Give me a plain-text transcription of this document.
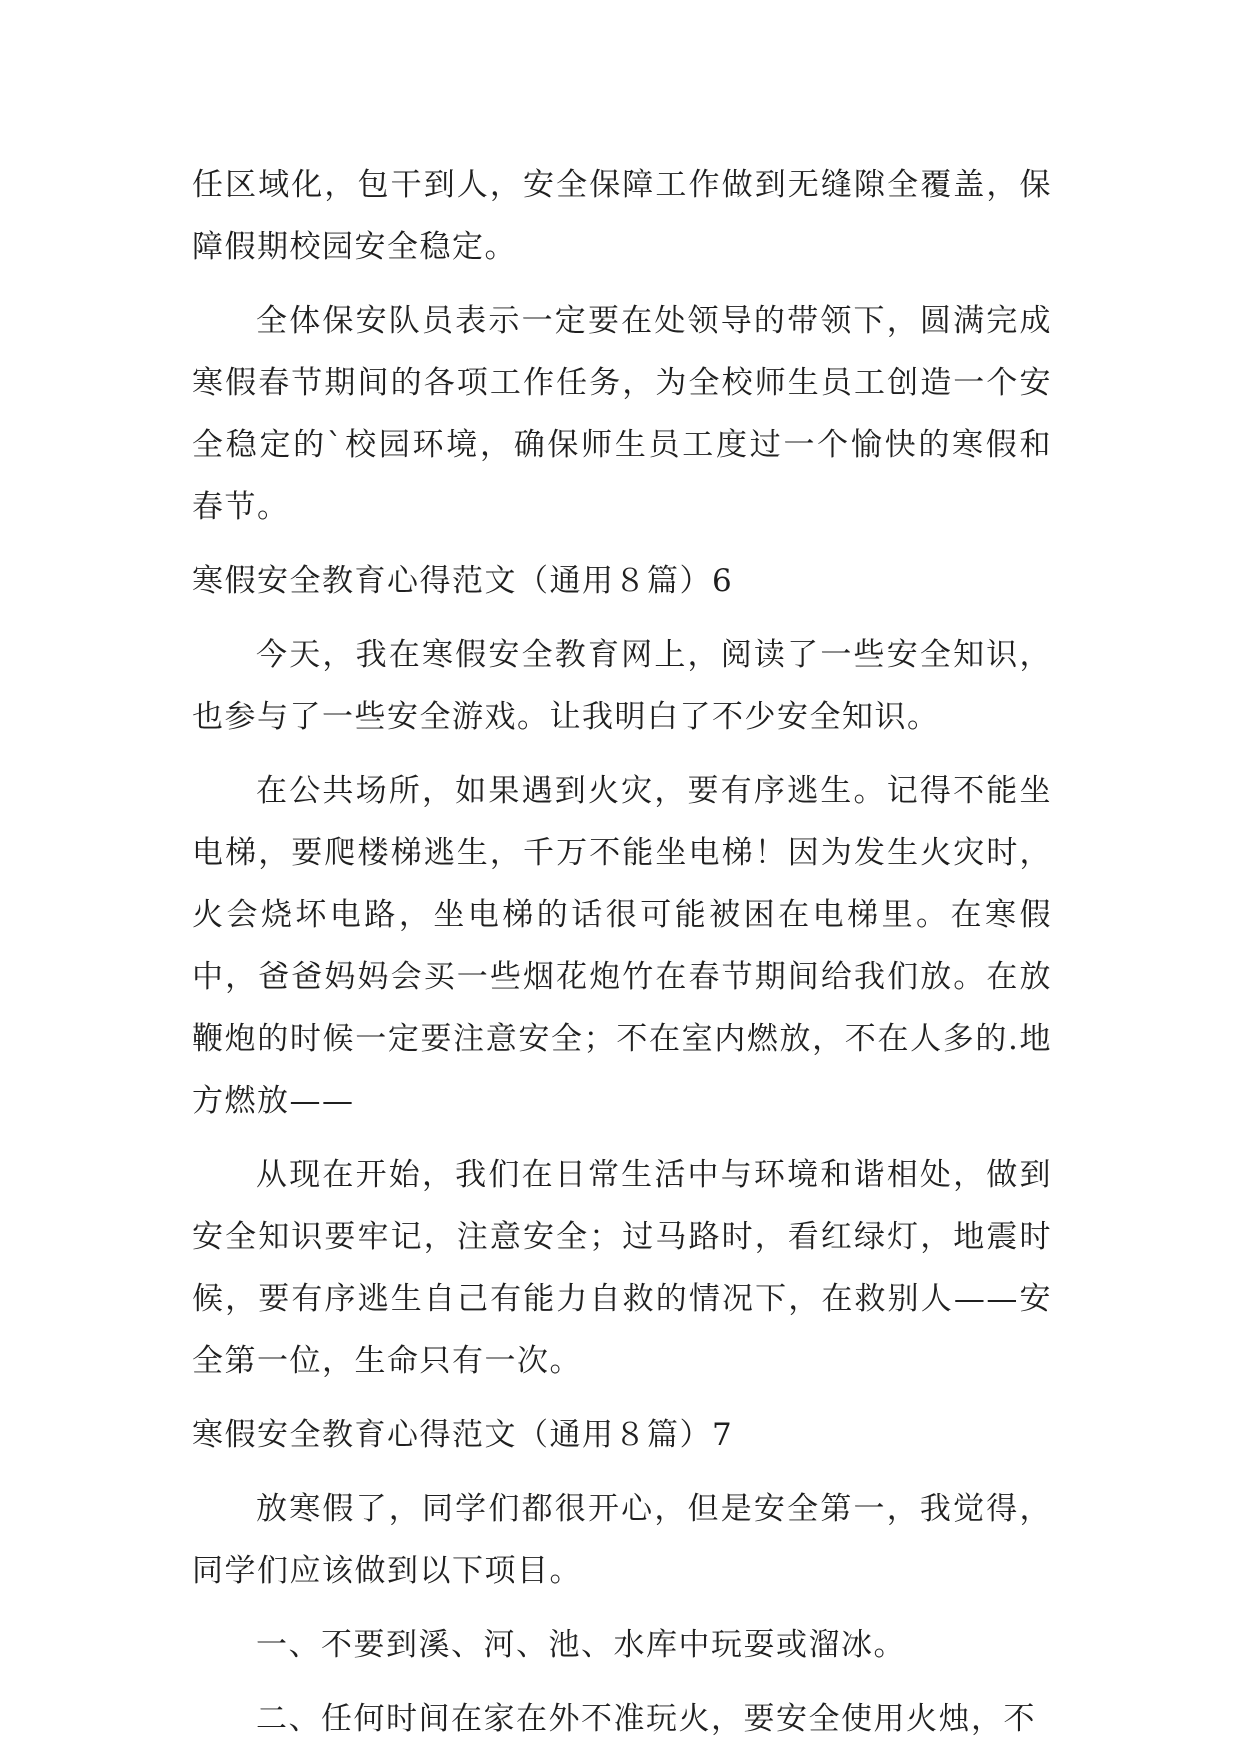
任区域化，包干到人，安全保障工作做到无缝隙全覆盖，保障假期校园安全稳定。

全体保安队员表示一定要在处领导的带领下，圆满完成寒假春节期间的各项工作任务，为全校师生员工创造一个安全稳定的`校园环境，确保师生员工度过一个愉快的寒假和春节。

寒假安全教育心得范文（通用８篇）6

今天，我在寒假安全教育网上，阅读了一些安全知识，也参与了一些安全游戏。让我明白了不少安全知识。

在公共场所，如果遇到火灾，要有序逃生。记得不能坐电梯，要爬楼梯逃生，千万不能坐电梯！因为发生火灾时，火会烧坏电路，坐电梯的话很可能被困在电梯里。在寒假中，爸爸妈妈会买一些烟花炮竹在春节期间给我们放。在放鞭炮的时候一定要注意安全；不在室内燃放，不在人多的.地方燃放——

从现在开始，我们在日常生活中与环境和谐相处，做到安全知识要牢记，注意安全；过马路时，看红绿灯，地震时候，要有序逃生自己有能力自救的情况下，在救别人——安全第一位，生命只有一次。

寒假安全教育心得范文（通用８篇）7

放寒假了，同学们都很开心，但是安全第一，我觉得，同学们应该做到以下项目。

一、不要到溪、河、池、水库中玩耍或溜冰。

二、任何时间在家在外不准玩火，要安全使用火烛，不
